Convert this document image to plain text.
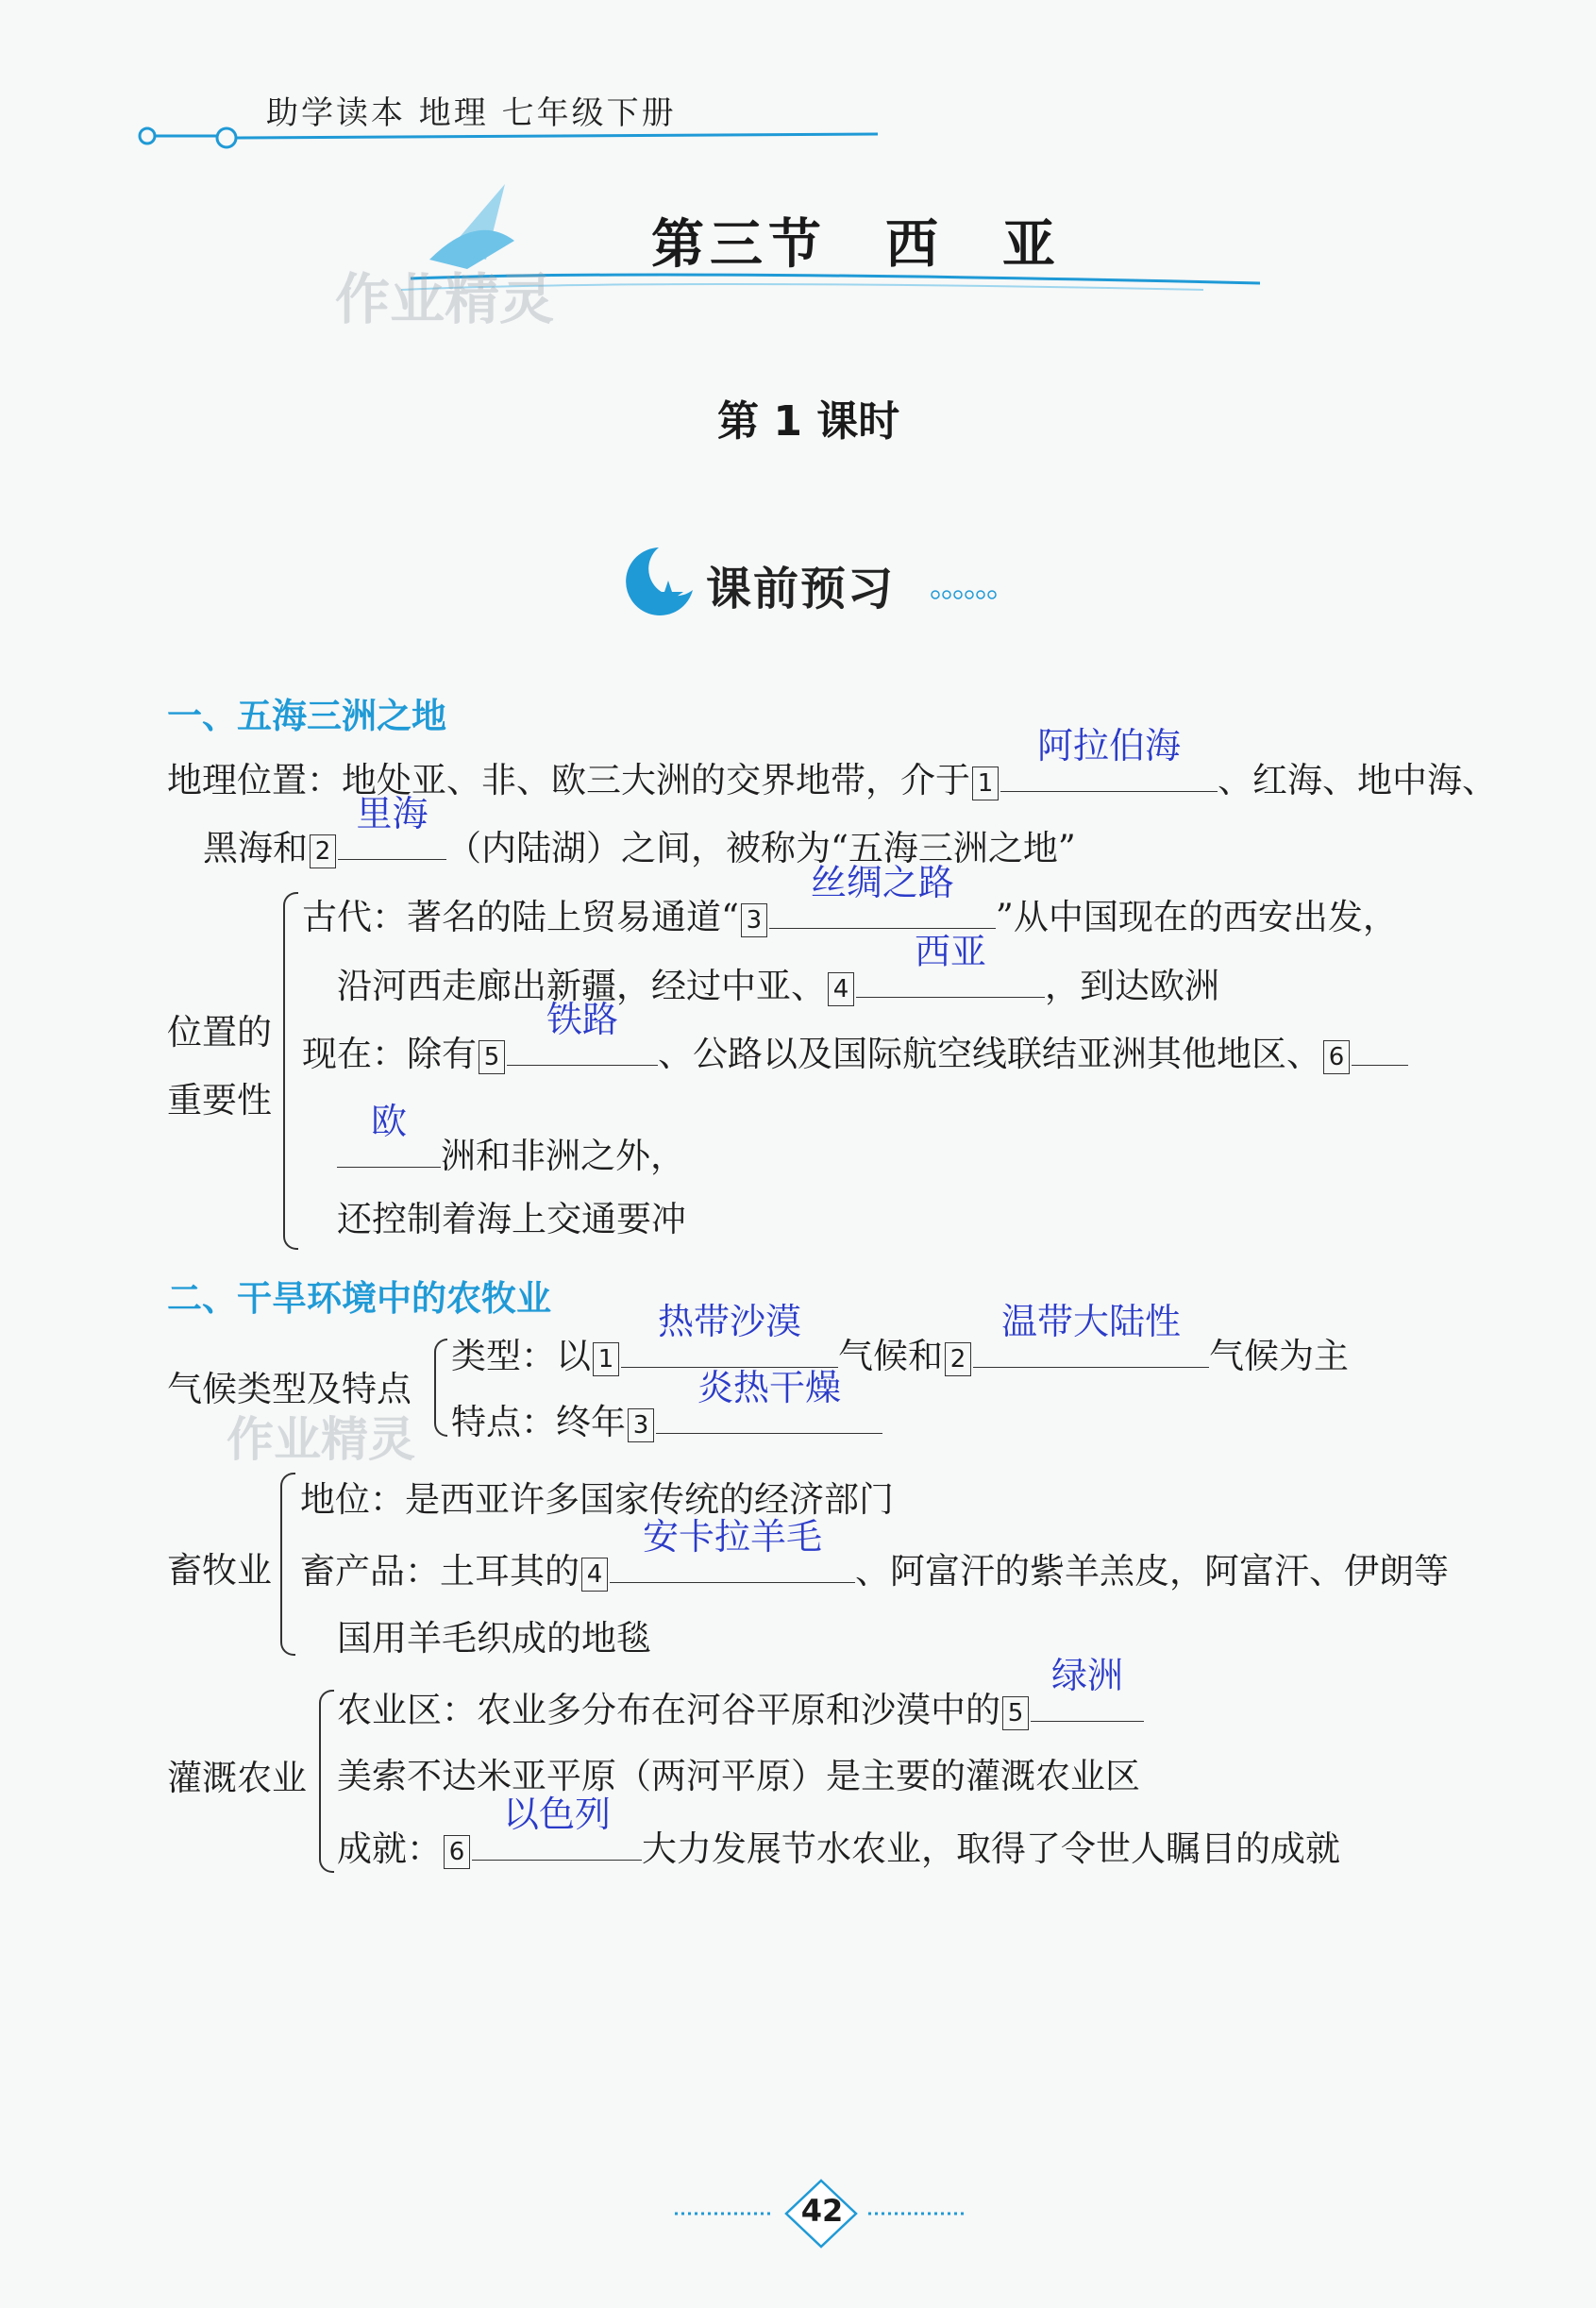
助学读本 地理 七年级下册
作业精灵
第三节　西　亚
第 1 课时
课前预习
一、五海三洲之地
地理位置：地处亚、非、欧三大洲的交界地带，介于 1
阿拉伯海
、红海、地中海、
黑海和 2
里海
（内陆湖）之间，被称为“五海三洲之地”
位置的
重要性
古代：著名的陆上贸易通道“ 3
丝绸之路
”从中国现在的西安出发，
沿河西走廊出新疆，经过中亚、 4
西亚
，到达欧洲
现在：除有 5
铁路
、公路以及国际航空线联结亚洲其他地区、 6
欧
洲和非洲之外，
还控制着海上交通要冲
二、干旱环境中的农牧业
作业精灵
气候类型及特点
类型：以 1
热带沙漠
气候和 2
温带大陆性
气候为主
特点：终年 3
炎热干燥
畜牧业
地位：是西亚许多国家传统的经济部门
畜产品：土耳其的 4
安卡拉羊毛
、阿富汗的紫羊羔皮，阿富汗、伊朗等
国用羊毛织成的地毯
灌溉农业
农业区：农业多分布在河谷平原和沙漠中的 5
绿洲
美索不达米亚平原（两河平原）是主要的灌溉农业区
成就： 6
以色列
大力发展节水农业，取得了令世人瞩目的成就
42
